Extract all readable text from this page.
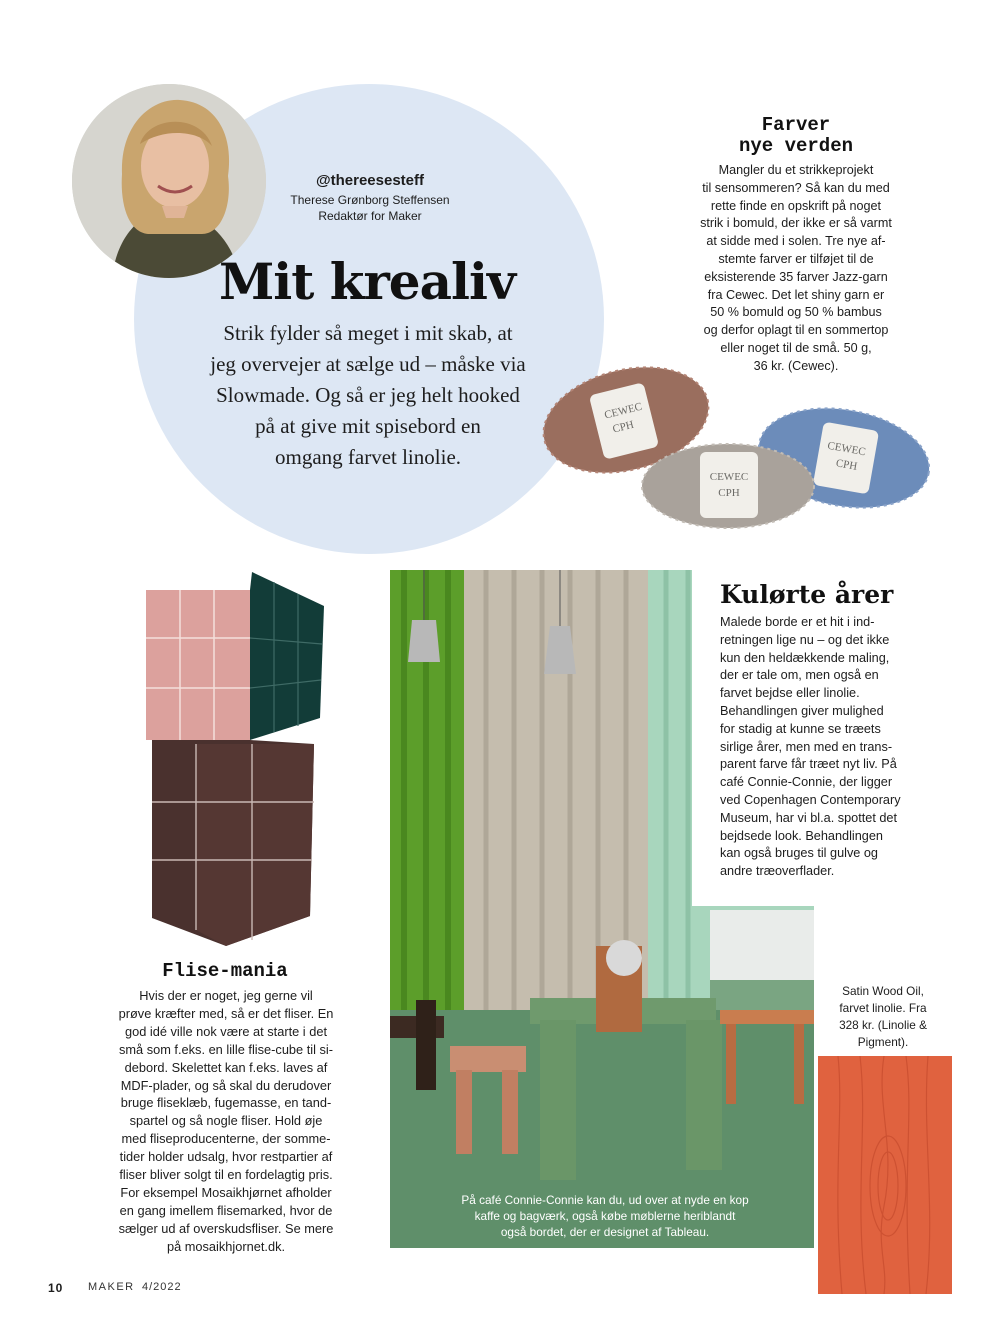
@thereesesteff
Therese Grønborg Steffensen
Redaktør for Maker
Mit krealiv

Strik fylder så meget i mit skab, at
jeg overvejer at sælge ud – måske via
Slowmade. Og så er jeg helt hooked
på at give mit spisebord en
omgang farvet linolie.

Farver
nye verden

Mangler du et strikkeprojekt
til sensommeren? Så kan du med
rette finde en opskrift på noget
strik i bomuld, der ikke er så varmt
at sidde med i solen. Tre nye af-
stemte farver er tilføjet til de
eksisterende 35 farver Jazz-garn
fra Cewec. Det let shiny garn er
50 % bomuld og 50 % bambus
og derfor oplagt til en sommertop
eller noget til de små. 50 g,
36 kr. (Cewec).

CEWEC
CPH
CEWEC
CPH
CEWEC
CPH

På café Connie-Connie kan du, ud over at nyde en kop
kaffe og bagværk, også købe møblerne heriblandt
også bordet, der er designet af Tableau.

Kulørte årer

Malede borde er et hit i ind-
retningen lige nu – og det ikke
kun den heldækkende maling,
der er tale om, men også en
farvet bejdse eller linolie.
Behandlingen giver mulighed
for stadig at kunne se træets
sirlige årer, men med en trans-
parent farve får træet nyt liv. På
café Connie-Connie, der ligger
ved Copenhagen Contemporary
Museum, har vi bl.a. spottet det
bejdsede look. Behandlingen
kan også bruges til gulve og
andre træoverflader.

Satin Wood Oil,
farvet linolie. Fra
328 kr. (Linolie &
Pigment).

Flise-mania

Hvis der er noget, jeg gerne vil
prøve kræfter med, så er det fliser. En
god idé ville nok være at starte i det
små som f.eks. en lille flise-cube til si-
debord. Skelettet kan f.eks. laves af
MDF-plader, og så skal du derudover
bruge fliseklæb, fugemasse, en tand-
spartel og så nogle fliser. Hold øje
med fliseproducenterne, der somme-
tider holder udsalg, hvor restpartier af
fliser bliver solgt til en fordelagtig pris.
For eksempel Mosaikhjørnet afholder
en gang imellem flisemarked, hvor de
sælger ud af overskudsfliser. Se mere
på mosaikhjornet.dk.

10 MAKER 4/2022
